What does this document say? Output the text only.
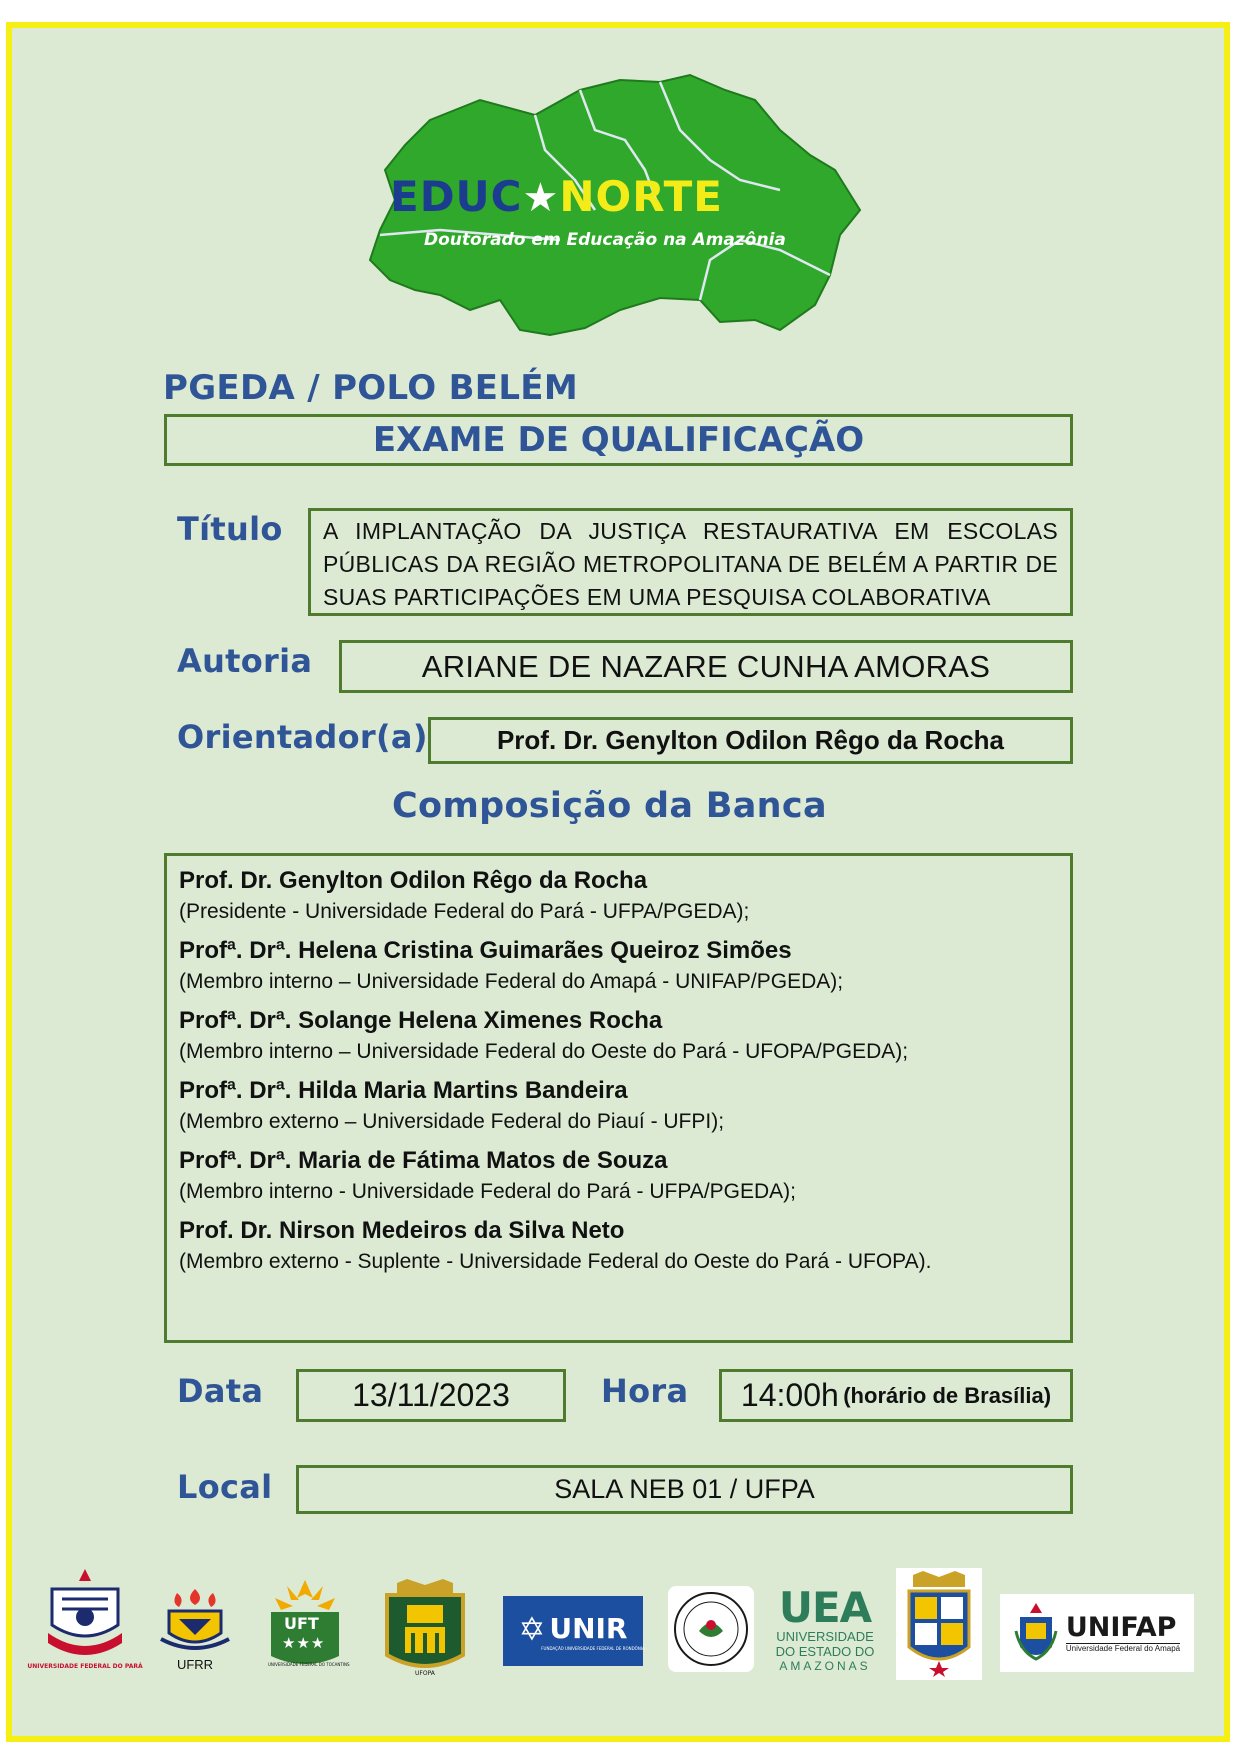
EDUC★NORTE
Doutorado em Educação na Amazônia
PGEDA / POLO BELÉM
EXAME DE QUALIFICAÇÃO
Título	A IMPLANTAÇÃO DA JUSTIÇA RESTAURATIVA EM ESCOLAS PÚBLICAS DA REGIÃO METROPOLITANA DE BELÉM A PARTIR DE SUAS PARTICIPAÇÕES EM UMA PESQUISA COLABORATIVA
Autoria	ARIANE DE NAZARE CUNHA AMORAS
Orientador(a)	Prof. Dr. Genylton Odilon Rêgo da Rocha
Composição da Banca
Prof. Dr. Genylton Odilon Rêgo da Rocha
(Presidente - Universidade Federal do Pará - UFPA/PGEDA);
Profª. Drª. Helena Cristina Guimarães Queiroz Simões
(Membro interno – Universidade Federal do Amapá - UNIFAP/PGEDA);
Profª. Drª. Solange Helena Ximenes Rocha
(Membro interno – Universidade Federal do Oeste do Pará - UFOPA/PGEDA);
Profª. Drª. Hilda Maria Martins Bandeira
(Membro externo – Universidade Federal do Piauí - UFPI);
Profª. Drª. Maria de Fátima Matos de Souza
(Membro interno - Universidade Federal do Pará - UFPA/PGEDA);
Prof. Dr. Nirson Medeiros da Silva Neto
(Membro externo - Suplente - Universidade Federal do Oeste do Pará - UFOPA).
Data	13/11/2023	Hora 14:00h
(horário de Brasília)
Local	SALA NEB 01 / UFPA
UNIVERSIDADE FEDERAL DO PARÁ	UFRR
UFT
★★★
UNIVERSIDADE FEDERAL DO TOCANTINS
UFOPA
✡ UNIR
FUNDAÇÃO UNIVERSIDADE FEDERAL DE RONDÔNIA
UEA
UNIVERSIDADE
DO ESTADO DO
AMAZONAS
UNIFAP
Universidade Federal do Amapá
